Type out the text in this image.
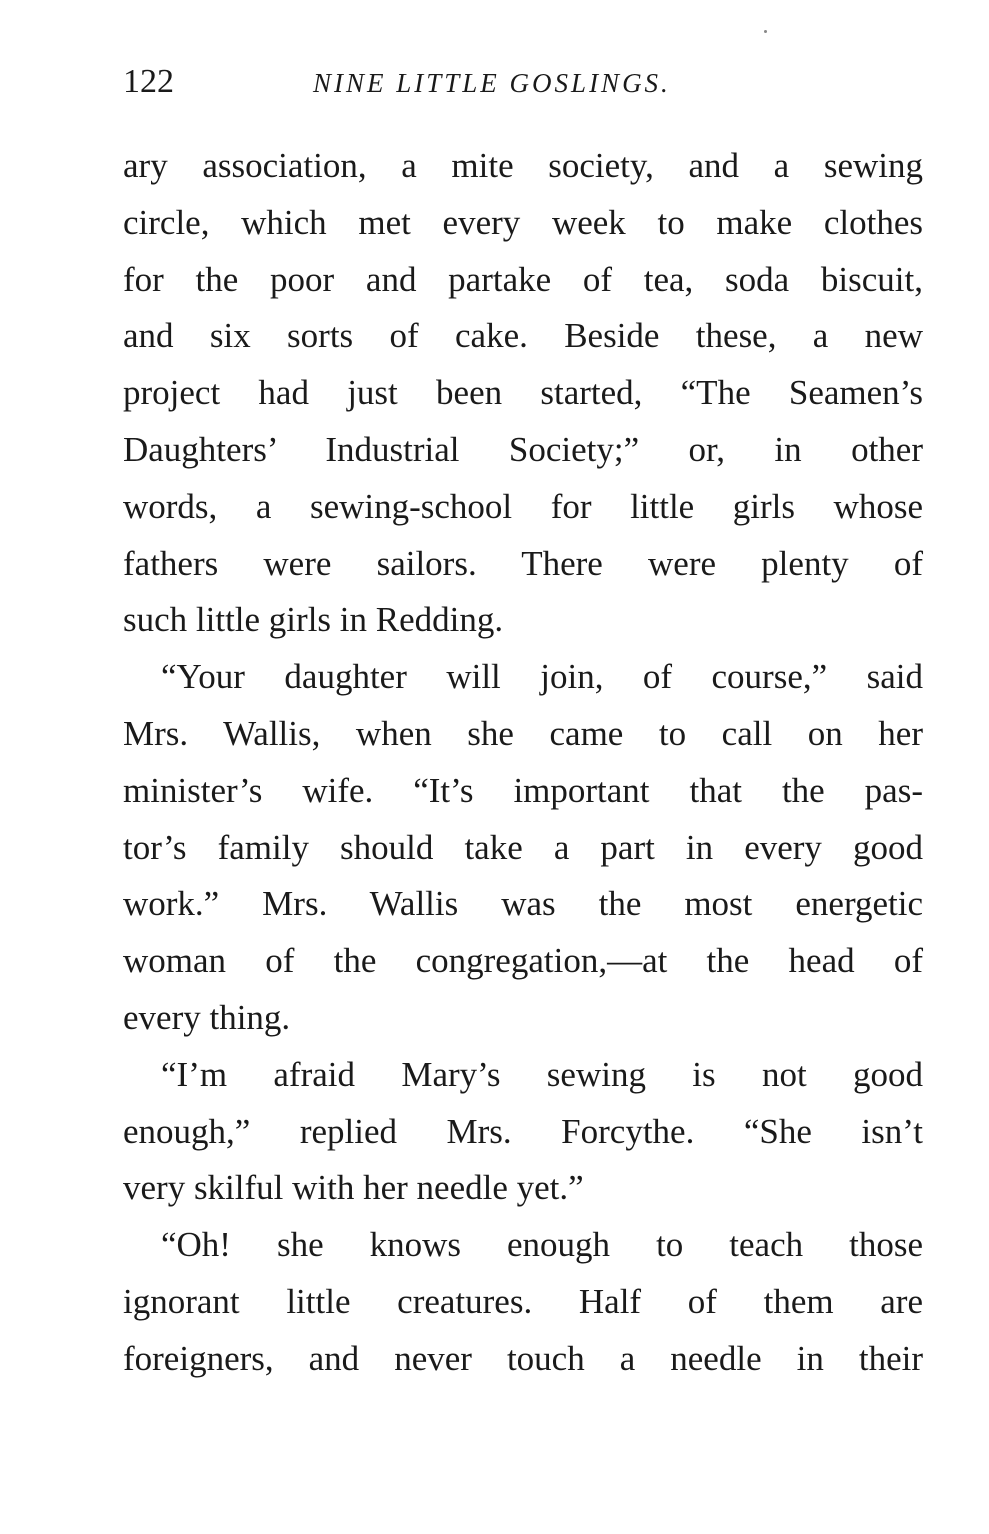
122	NINE LITTLE GOSLINGS.
ary association, a mite society, and a sewing
circle, which met every week to make clothes
for the poor and partake of tea, soda biscuit,
and six sorts of cake. Beside these, a new
project had just been started, “The Seamen’s
Daughters’ Industrial Society;” or, in other
words, a sewing-school for little girls whose
fathers were sailors. There were plenty of
such little girls in Redding.
“Your daughter will join, of course,” said
Mrs. Wallis, when she came to call on her
minister’s wife. “It’s important that the pas-
tor’s family should take a part in every good
work.” Mrs. Wallis was the most energetic
woman of the congregation,—at the head of
every thing.
“I’m afraid Mary’s sewing is not good
enough,” replied Mrs. Forcythe. “She isn’t
very skilful with her needle yet.”
“Oh! she knows enough to teach those
ignorant little creatures. Half of them are
foreigners, and never touch a needle in their
